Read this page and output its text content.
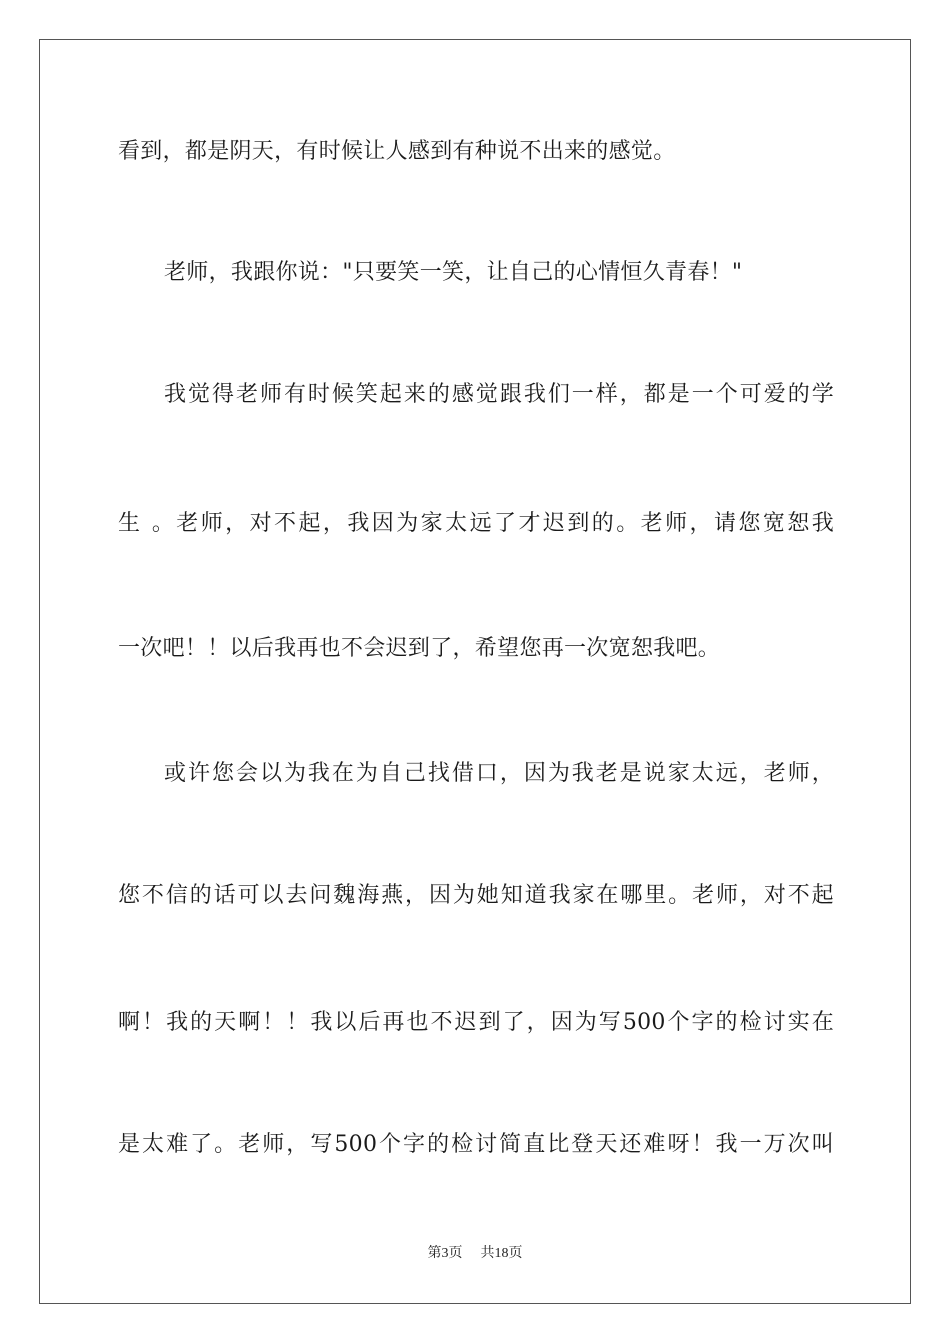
看到，都是阴天，有时候让人感到有种说不出来的感觉。
老师，我跟你说："只要笑一笑，让自己的心情恒久青春！"
我觉得老师有时候笑起来的感觉跟我们一样，都是一个可爱的学
生 。老师，对不起，我因为家太远了才迟到的。老师，请您宽恕我
一次吧！！以后我再也不会迟到了，希望您再一次宽恕我吧。
或许您会以为我在为自己找借口，因为我老是说家太远，老师，
您不信的话可以去问魏海燕，因为她知道我家在哪里。老师，对不起
啊！我的天啊！！我以后再也不迟到了，因为写500个字的检讨实在
是太难了。老师，写500个字的检讨简直比登天还难呀！我一万次叫
第3页 共18页
